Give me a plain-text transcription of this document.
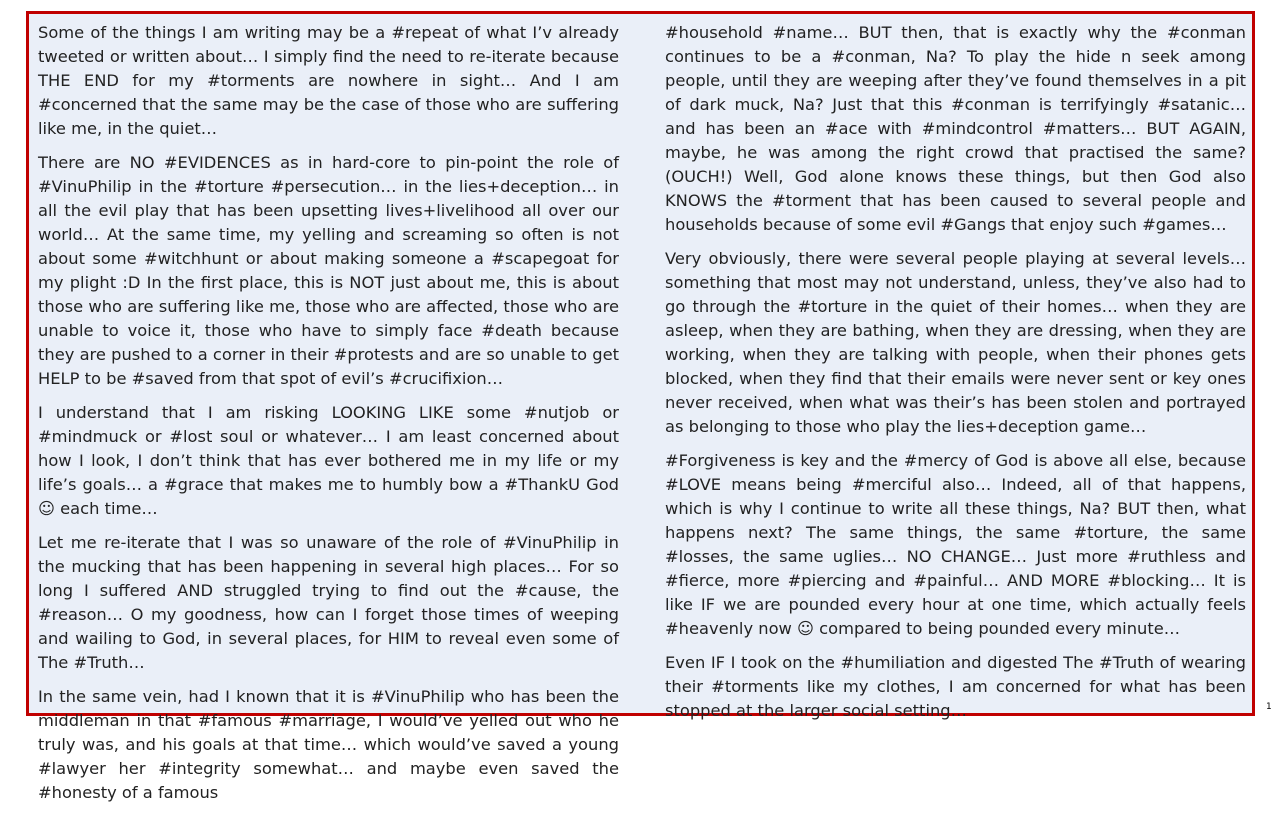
Some of the things I am writing may be a #repeat of what I’v already tweeted or written about… I simply find the need to re-iterate because THE END for my #torments are nowhere in sight… And I am #concerned that the same may be the case of those who are suffering like me, in the quiet…

There are NO #EVIDENCES as in hard-core to pin-point the role of #VinuPhilip in the #torture #persecution… in the lies+deception… in all the evil play that has been upsetting lives+livelihood all over our world… At the same time, my yelling and screaming so often is not about some #witchhunt or about making someone a #scapegoat for my plight :D In the first place, this is NOT just about me, this is about those who are suffering like me, those who are affected, those who are unable to voice it, those who have to simply face #death because they are pushed to a corner in their #protests and are so unable to get HELP to be #saved from that spot of evil’s #crucifixion…

I understand that I am risking LOOKING LIKE some #nutjob or #mindmuck or #lost soul or whatever… I am least concerned about how I look, I don’t think that has ever bothered me in my life or my life’s goals… a #grace that makes me to humbly bow a #ThankU God ☺ each time…

Let me re-iterate that I was so unaware of the role of #VinuPhilip in the mucking that has been happening in several high places… For so long I suffered AND struggled trying to find out the #cause, the #reason… O my goodness, how can I forget those times of weeping and wailing to God, in several places, for HIM to reveal even some of The #Truth…

In the same vein, had I known that it is #VinuPhilip who has been the middleman in that #famous #marriage, I would’ve yelled out who he truly was, and his goals at that time… which would’ve saved a young #lawyer her #integrity somewhat… and maybe even saved the #honesty of a famous

#household #name… BUT then, that is exactly why the #conman continues to be a #conman, Na? To play the hide n seek among people, until they are weeping after they’ve found themselves in a pit of dark muck, Na? Just that this #conman is terrifyingly #satanic… and has been an #ace with #mindcontrol #matters… BUT AGAIN, maybe, he was among the right crowd that practised the same? (OUCH!) Well, God alone knows these things, but then God also KNOWS the #torment that has been caused to several people and households because of some evil #Gangs that enjoy such #games…

Very obviously, there were several people playing at several levels… something that most may not understand, unless, they’ve also had to go through the #torture in the quiet of their homes… when they are asleep, when they are bathing, when they are dressing, when they are working, when they are talking with people, when their phones gets blocked, when they find that their emails were never sent or key ones never received, when what was their’s has been stolen and portrayed as belonging to those who play the lies+deception game…

#Forgiveness is key and the #mercy of God is above all else, because #LOVE means being #merciful also… Indeed, all of that happens, which is why I continue to write all these things, Na? BUT then, what happens next? The same things, the same #torture, the same #losses, the same uglies… NO CHANGE… Just more #ruthless and #fierce, more #piercing and #painful… AND MORE #blocking… It is like IF we are pounded every hour at one time, which actually feels #heavenly now ☺ compared to being pounded every minute…

Even IF I took on the #humiliation and digested The #Truth of wearing their #torments like my clothes, I am concerned for what has been stopped at the larger social setting…	1
